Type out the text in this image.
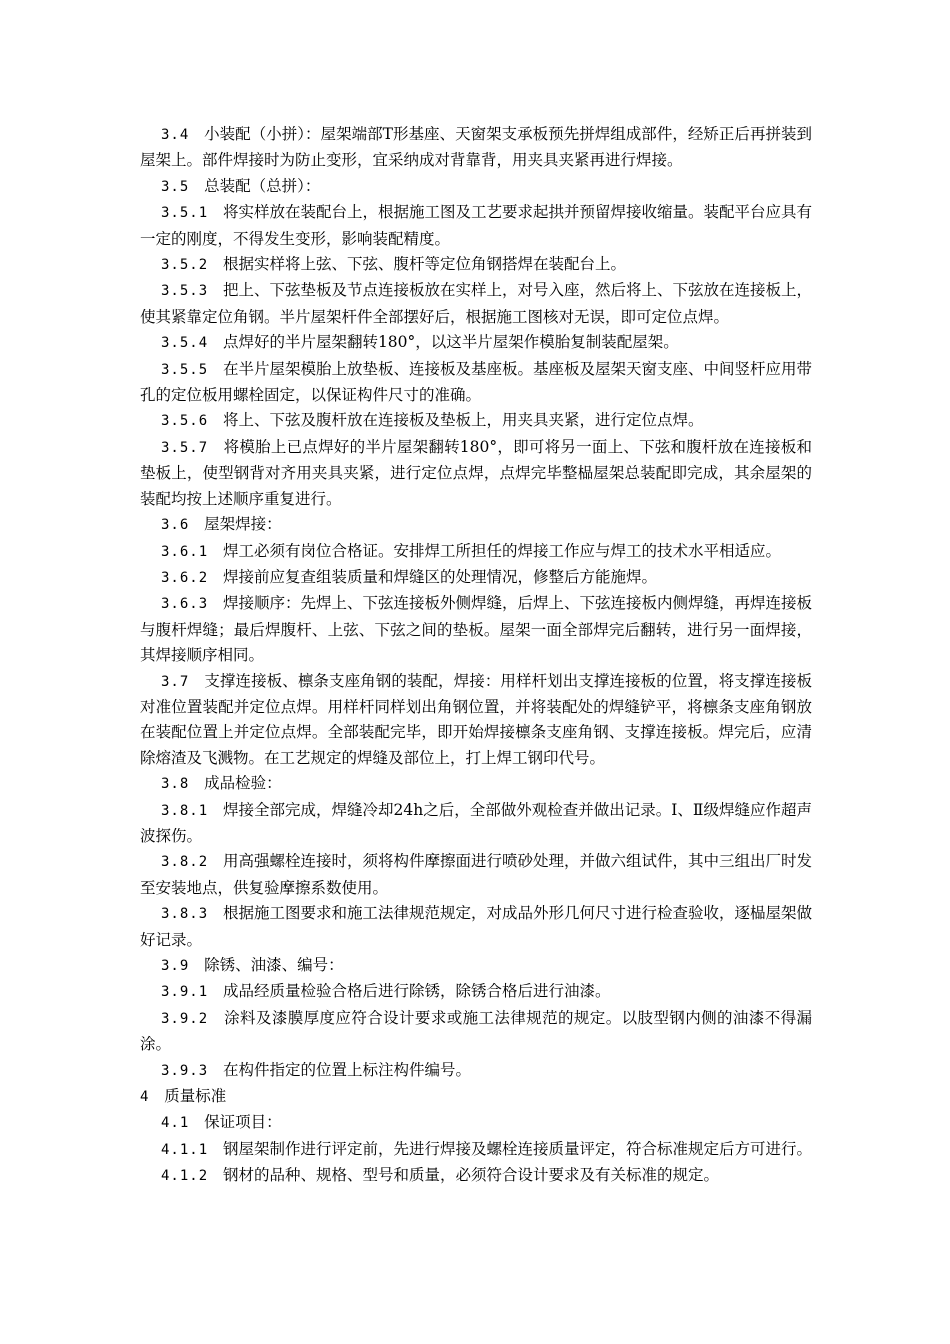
3.4 小装配（小拼）：屋架端部T形基座、天窗架支承板预先拼焊组成部件，经矫正后再拼装到屋架上。部件焊接时为防止变形，宜采纳成对背靠背，用夹具夹紧再进行焊接。

3.5 总装配（总拼）：

3.5.1 将实样放在装配台上，根据施工图及工艺要求起拱并预留焊接收缩量。装配平台应具有一定的刚度，不得发生变形，影响装配精度。

3.5.2 根据实样将上弦、下弦、腹杆等定位角钢搭焊在装配台上。

3.5.3 把上、下弦垫板及节点连接板放在实样上，对号入座，然后将上、下弦放在连接板上，使其紧靠定位角钢。半片屋架杆件全部摆好后，根据施工图核对无误，即可定位点焊。

3.5.4 点焊好的半片屋架翻转180°，以这半片屋架作模胎复制装配屋架。

3.5.5 在半片屋架模胎上放垫板、连接板及基座板。基座板及屋架天窗支座、中间竖杆应用带孔的定位板用螺栓固定，以保证构件尺寸的准确。

3.5.6 将上、下弦及腹杆放在连接板及垫板上，用夹具夹紧，进行定位点焊。

3.5.7 将模胎上已点焊好的半片屋架翻转180°，即可将另一面上、下弦和腹杆放在连接板和垫板上，使型钢背对齐用夹具夹紧，进行定位点焊，点焊完毕整榀屋架总装配即完成，其余屋架的装配均按上述顺序重复进行。

3.6 屋架焊接：

3.6.1 焊工必须有岗位合格证。安排焊工所担任的焊接工作应与焊工的技术水平相适应。

3.6.2 焊接前应复查组装质量和焊缝区的处理情况，修整后方能施焊。

3.6.3 焊接顺序：先焊上、下弦连接板外侧焊缝，后焊上、下弦连接板内侧焊缝，再焊连接板与腹杆焊缝；最后焊腹杆、上弦、下弦之间的垫板。屋架一面全部焊完后翻转，进行另一面焊接，其焊接顺序相同。

3.7 支撑连接板、檩条支座角钢的装配，焊接：用样杆划出支撑连接板的位置，将支撑连接板对准位置装配并定位点焊。用样杆同样划出角钢位置，并将装配处的焊缝铲平，将檩条支座角钢放在装配位置上并定位点焊。全部装配完毕，即开始焊接檩条支座角钢、支撑连接板。焊完后，应清除熔渣及飞溅物。在工艺规定的焊缝及部位上，打上焊工钢印代号。

3.8 成品检验：

3.8.1 焊接全部完成，焊缝冷却24h之后，全部做外观检查并做出记录。Ⅰ、Ⅱ级焊缝应作超声波探伤。

3.8.2 用高强螺栓连接时，须将构件摩擦面进行喷砂处理，并做六组试件，其中三组出厂时发至安装地点，供复验摩擦系数使用。

3.8.3 根据施工图要求和施工法律规范规定，对成品外形几何尺寸进行检查验收，逐榀屋架做好记录。

3.9 除锈、油漆、编号：

3.9.1 成品经质量检验合格后进行除锈，除锈合格后进行油漆。

3.9.2 涂料及漆膜厚度应符合设计要求或施工法律规范的规定。以肢型钢内侧的油漆不得漏涂。

3.9.3 在构件指定的位置上标注构件编号。

4 质量标准

4.1 保证项目：

4.1.1 钢屋架制作进行评定前，先进行焊接及螺栓连接质量评定，符合标准规定后方可进行。

4.1.2 钢材的品种、规格、型号和质量，必须符合设计要求及有关标准的规定。
